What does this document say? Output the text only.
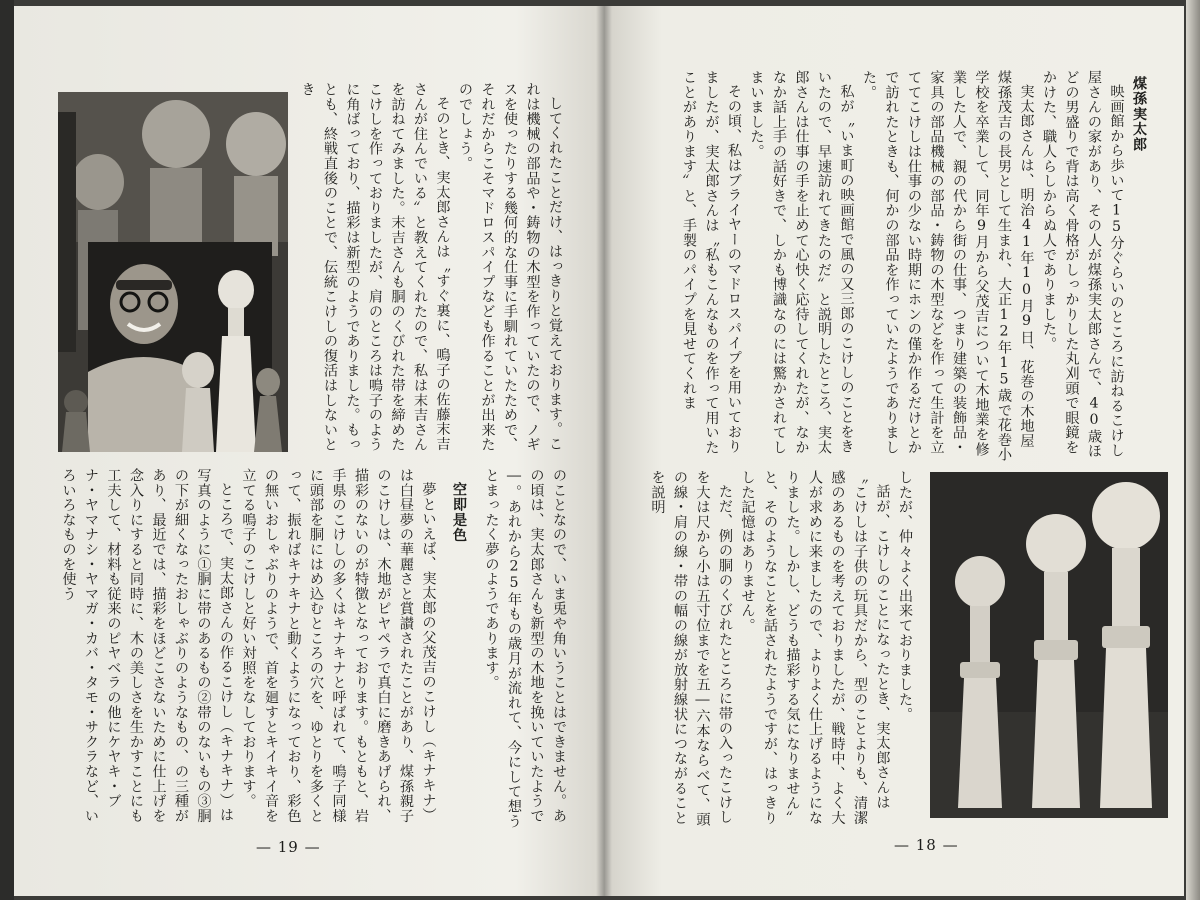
してくれたことだけ、はっきりと覚えております。これは機械の部品や・鋳物の木型を作っていたので、ノギスを使ったりする幾何的な仕事に手馴れていたためで、それだからこそマドロスパイプなども作ることが出来たのでしょう。

そのとき、実太郎さんは〝すぐ裏に、鳴子の佐藤末吉さんが住んでいる〟と教えてくれたので、私は末吉さんを訪ねてみました。末吉さんも胴のくびれた帯を締めたこけしを作っておりましたが、肩のところは鳴子のように角ばっており、描彩は新型のようでありました。もっとも、終戦直後のことで、伝統こけしの復活はしないとき

のことなので、いま兎や角いうことはできません。あの頃は、実太郎さんも新型の木地を挽いていたようで―。あれから25年もの歳月が流れて、今にして想うとまったく夢のようであります。

空即是色

夢といえば、実太郎の父茂吉のこけし（キナキナ）は白昼夢の華麗さと賞讃されたことがあり、煤孫親子のこけしは、木地がピヤペラで真白に磨きあげられ、描彩のないのが特徴となっております。もともと、岩手県のこけしの多くはキナキナと呼ばれて、鳴子同様に頭部を胴にはめ込むところの穴を、ゆとりを多くとって、振ればキナキナと動くようになっており、彩色の無いおしゃぶりのようで、首を廻すとキイキイ音を立てる鳴子のこけしと好い対照をなしております。

ところで、実太郎さんの作るこけし（キナキナ）は写真のように①胴に帯のあるもの②帯のないもの③胴の下が細くなったおしゃぶりのようなもの、の三種があり、最近では、描彩をほどこさないために仕上げを念入りにすると同時に、木の美しさを生かすことにも工夫して、材料も従来のピヤベラの他にケヤキ・ブナ・ヤマナシ・ヤマガ・カバ・タモ・サクラなど、いろいろなものを使う

— 19 —

煤孫実太郎

映画館から歩いて15分ぐらいのところに訪ねるこけし屋さんの家があり、その人が煤孫実太郎さんで、40歳ほどの男盛りで背は高く骨格がしっかりした丸刈頭で眼鏡をかけた、職人らしからぬ人でありました。

実太郎さんは、明治41年10月9日、花巻の木地屋煤孫茂吉の長男として生まれ、大正12年15歳で花巻小学校を卒業して、同年9月から父茂吉について木地業を修業した人で、親の代から街の仕事、つまり建築の装飾品・家具の部品機械の部品・鋳物の木型などを作って生計を立ててこけしは仕事の少ない時期にホンの僅か作るだけとか で訪れたときも、何かの部品を作っていたようでありました。

私が〝いま町の映画館で風の又三郎のこけしのことをきいたので、早速訪れてきたのだ〟と説明したところ、実太郎さんは仕事の手を止めて心快く応待してくれたが、なかなか話上手の話好きで、しかも博識なのには驚かされてしまいました。

その頃、私はブライヤーのマドロスパイプを用いておりましたが、実太郎さんは〝私もこんなものを作って用いたことがあります〟と、手製のパイプを見せてくれま

したが、仲々よく出来ておりました。

話が、こけしのことになったとき、実太郎さんは〝こけしは子供の玩具だから、型のことよりも、清潔感のあるものを考えておりましたが、戦時中、よく大人が求めに来ましたので、よりよく仕上げるようになりました。しかし、どうも描彩する気になりません〟と、そのようなことを話されたようですが、はっきりした記憶はありません。

ただ、例の胴のくびれたところに帯の入ったこけしを大は尺から小は五寸位までを五―六本ならべて、頭の線・肩の線・帯の幅の線が放射線状につながることを説明

— 18 —
